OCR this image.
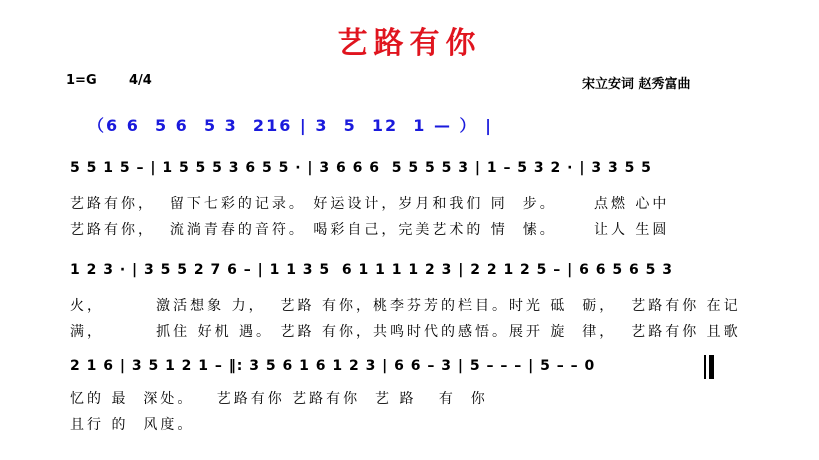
艺路有你
1=G 4/4	宋立安词 赵秀富曲
（6 6  5 6  5 3  216 | 3  5  12  1 — ） |
5 5 1 5 – | 1 5 5 5 3 6 5 5 · | 3 6 6 6  5 5 5 5 3 | 1 – 5 3 2 · | 3 3 5 5
艺路有你，  留下七彩的记录。 好运设计，岁月和我们 同  步。     点燃 心中
艺路有你，  流淌青春的音符。 喝彩自己，完美艺术的 情  愫。     让人 生圆
1 2 3 · | 3 5 5 2 7 6 – | 1 1 3 5  6 1 1 1 1 2 3 | 2 2 1 2 5 – | 6 6 5 6 5 3
火，       激活想象 力，  艺路 有你，桃李芬芳的栏目。时光 砥  砺，  艺路有你 在记
满，       抓住 好机 遇。 艺路 有你，共鸣时代的感悟。展开 旋  律，  艺路有你 且歌
2 1 6 | 3 5 1 2 1 – ‖: 3 5 6 1 6 1 2 3 | 6 6 – 3 | 5 – – – | 5 – – 0
忆的 最  深处。   艺路有你 艺路有你  艺 路   有  你
且行 的  风度。
